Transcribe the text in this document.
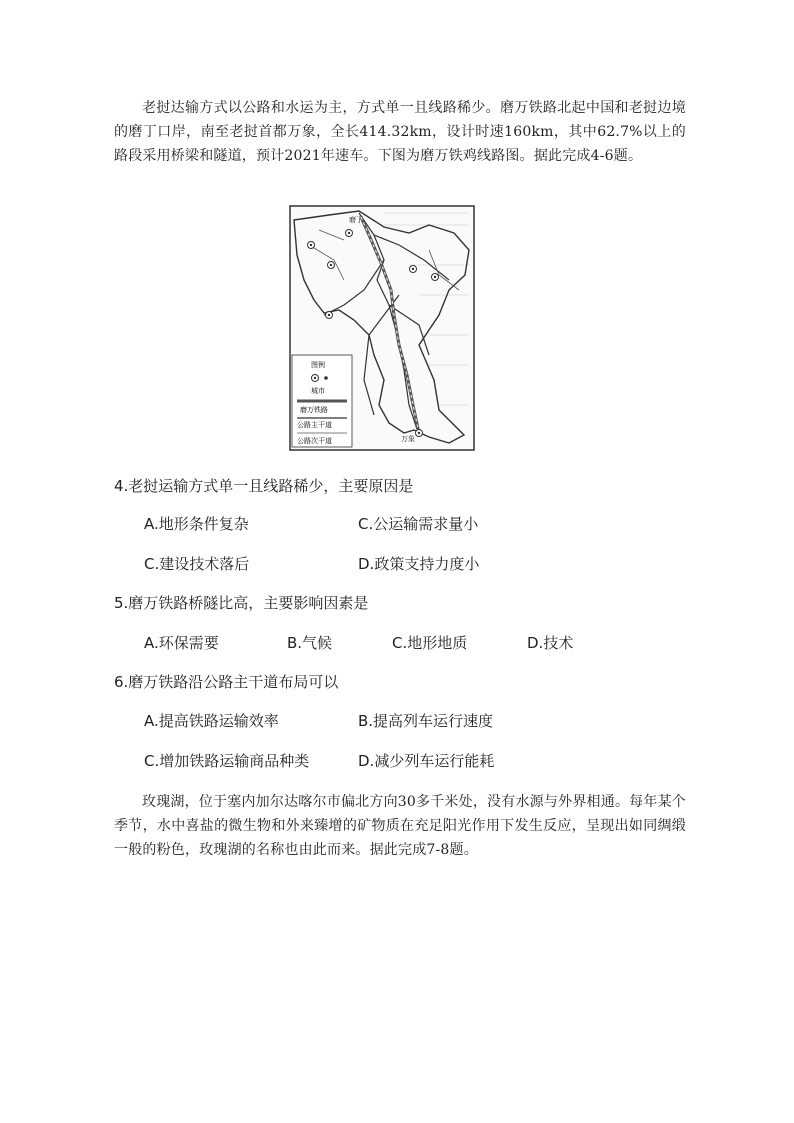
老挝达输方式以公路和水运为主，方式单一且线路稀少。磨万铁路北起中国和老挝边境的磨丁口岸，南至老挝首都万象，全长414.32km，设计时速160km，其中62.7%以上的路段采用桥梁和隧道，预计2021年速车。下图为磨万铁鸡线路图。据此完成4-6题。
磨丁
万象
图例
城市
磨万铁路
公路主干道
公路次干道
4.老挝运输方式单一且线路稀少，主要原因是
A.地形条件复杂	C.公运输需求量小
C.建设技术落后	D.政策支持力度小
5.磨万铁路桥隧比高，主要影响因素是
A.环保需要	B.气候	C.地形地质	D.技术
6.磨万铁路沿公路主干道布局可以
A.提高铁路运输效率	B.提高列车运行速度
C.增加铁路运输商品种类	D.减少列车运行能耗
玫瑰湖，位于塞内加尔达喀尔市偏北方向30多千米处，没有水源与外界相通。每年某个季节，水中喜盐的微生物和外来臻增的矿物质在充足阳光作用下发生反应，呈现出如同绸缎一般的粉色，玫瑰湖的名称也由此而来。据此完成7-8题。
